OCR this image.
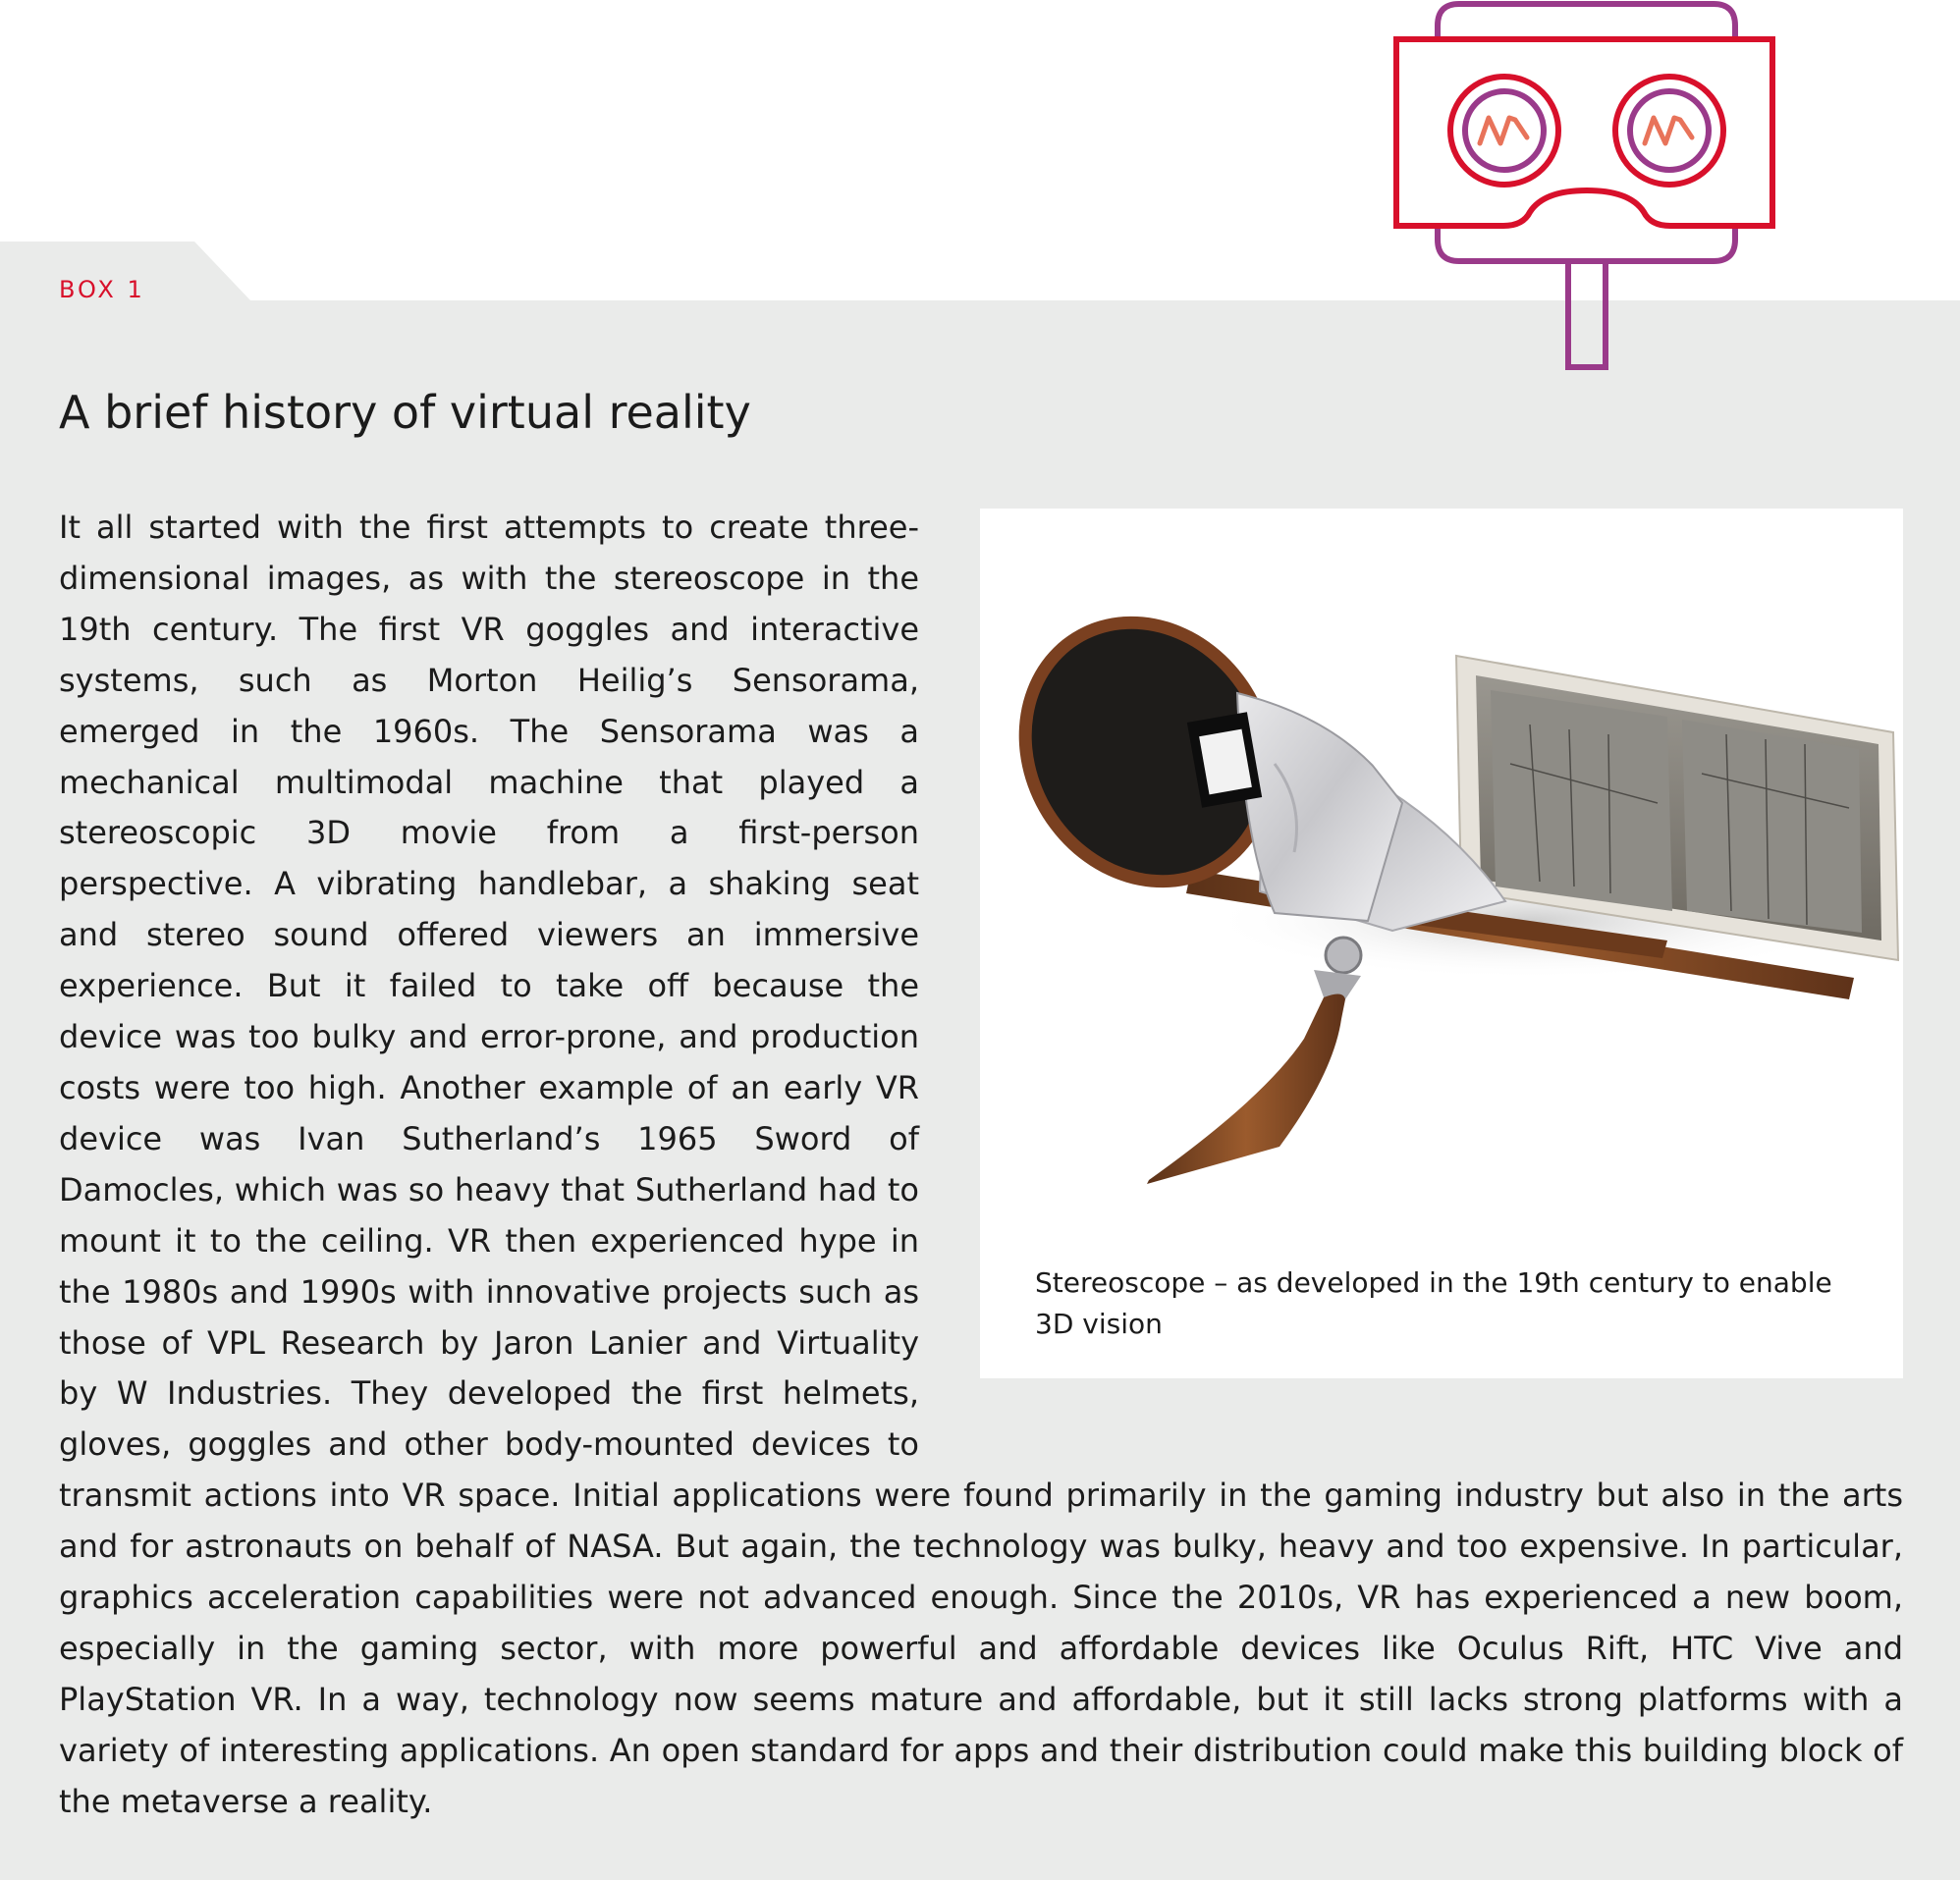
BOX 1
A brief history of virtual reality

Stereoscope – as developed in the 19th century to enable 3D vision

It all started with the first attempts to create three-dimensional images, as with the stereoscope in the 19th century. The first VR goggles and interactive systems, such as Morton Heilig’s Sensorama, emerged in the 1960s. The Sensorama was a mechanical multimodal machine that played a stereoscopic 3D movie from a first-person perspective. A vibrating handlebar, a shaking seat and stereo sound offered viewers an immersive experience. But it failed to take off because the device was too bulky and error-prone, and production costs were too high. Another example of an early VR device was Ivan Sutherland’s 1965 Sword of Damocles, which was so heavy that Sutherland had to mount it to the ceiling. VR then experienced hype in the 1980s and 1990s with innovative projects such as those of VPL Research by Jaron Lanier and Virtuality by W Industries. They developed the first helmets, gloves, goggles and other body-mounted devices to transmit actions into VR space. Initial applications were found primarily in the gaming industry but also in the arts and for astronauts on behalf of NASA. But again, the technology was bulky, heavy and too expensive. In particular, graphics acceleration capabilities were not advanced enough. Since the 2010s, VR has experienced a new boom, especially in the gaming sector, with more powerful and affordable devices like Oculus Rift, HTC Vive and PlayStation VR. In a way, technology now seems mature and affordable, but it still lacks strong platforms with a variety of interesting applications. An open standard for apps and their distribution could make this building block of the metaverse a reality.
